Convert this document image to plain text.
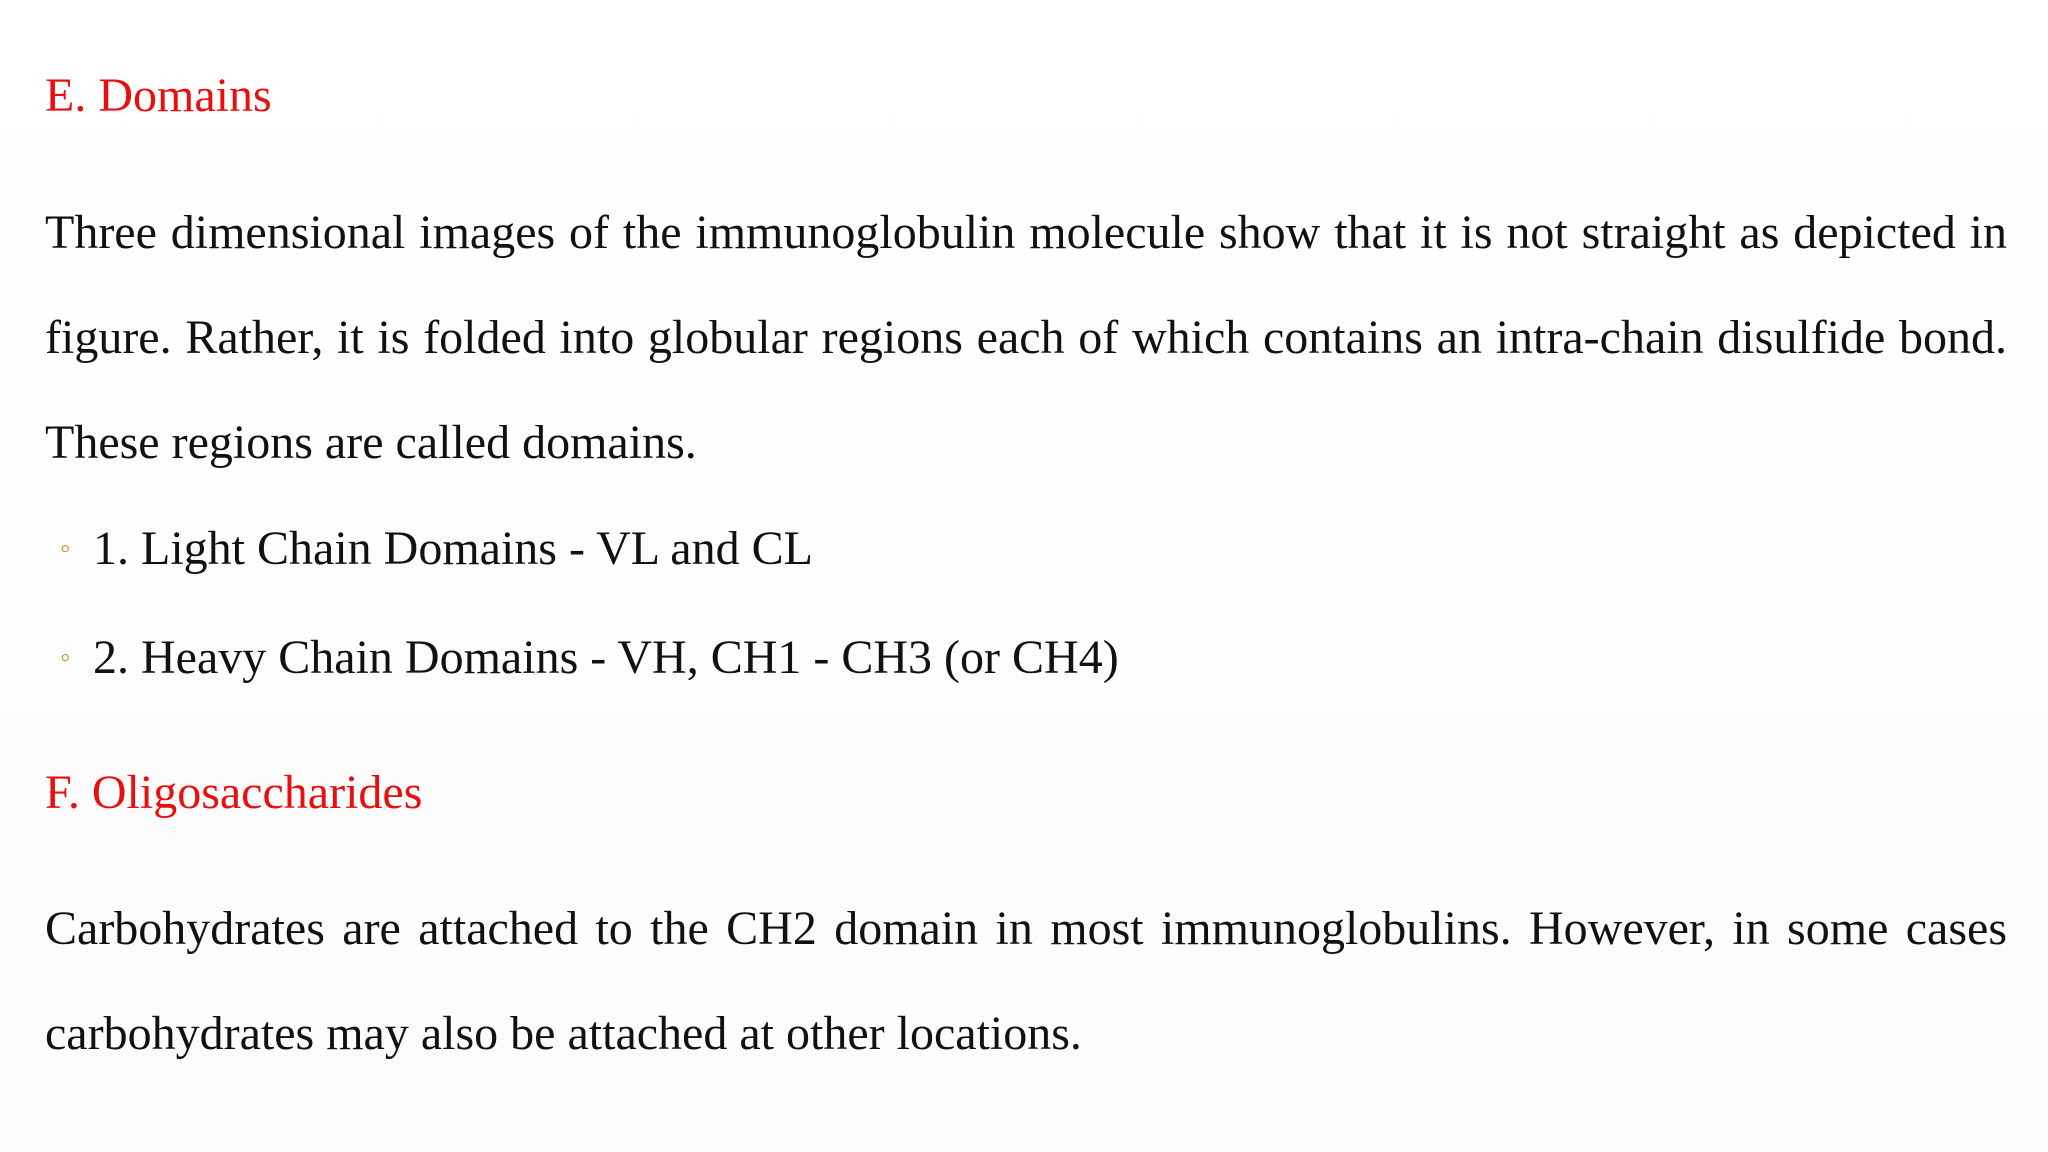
E. Domains

Three dimensional images of the immunoglobulin molecule show that it is not straight as depicted in figure. Rather, it is folded into globular regions each of which contains an intra-chain disulfide bond. These regions are called domains.

◦ 1. Light Chain Domains - VL and CL
◦ 2. Heavy Chain Domains - VH, CH1 - CH3 (or CH4)
F. Oligosaccharides

Carbohydrates are attached to the CH2 domain in most immunoglobulins. However, in some cases carbohydrates may also be attached at other locations.
